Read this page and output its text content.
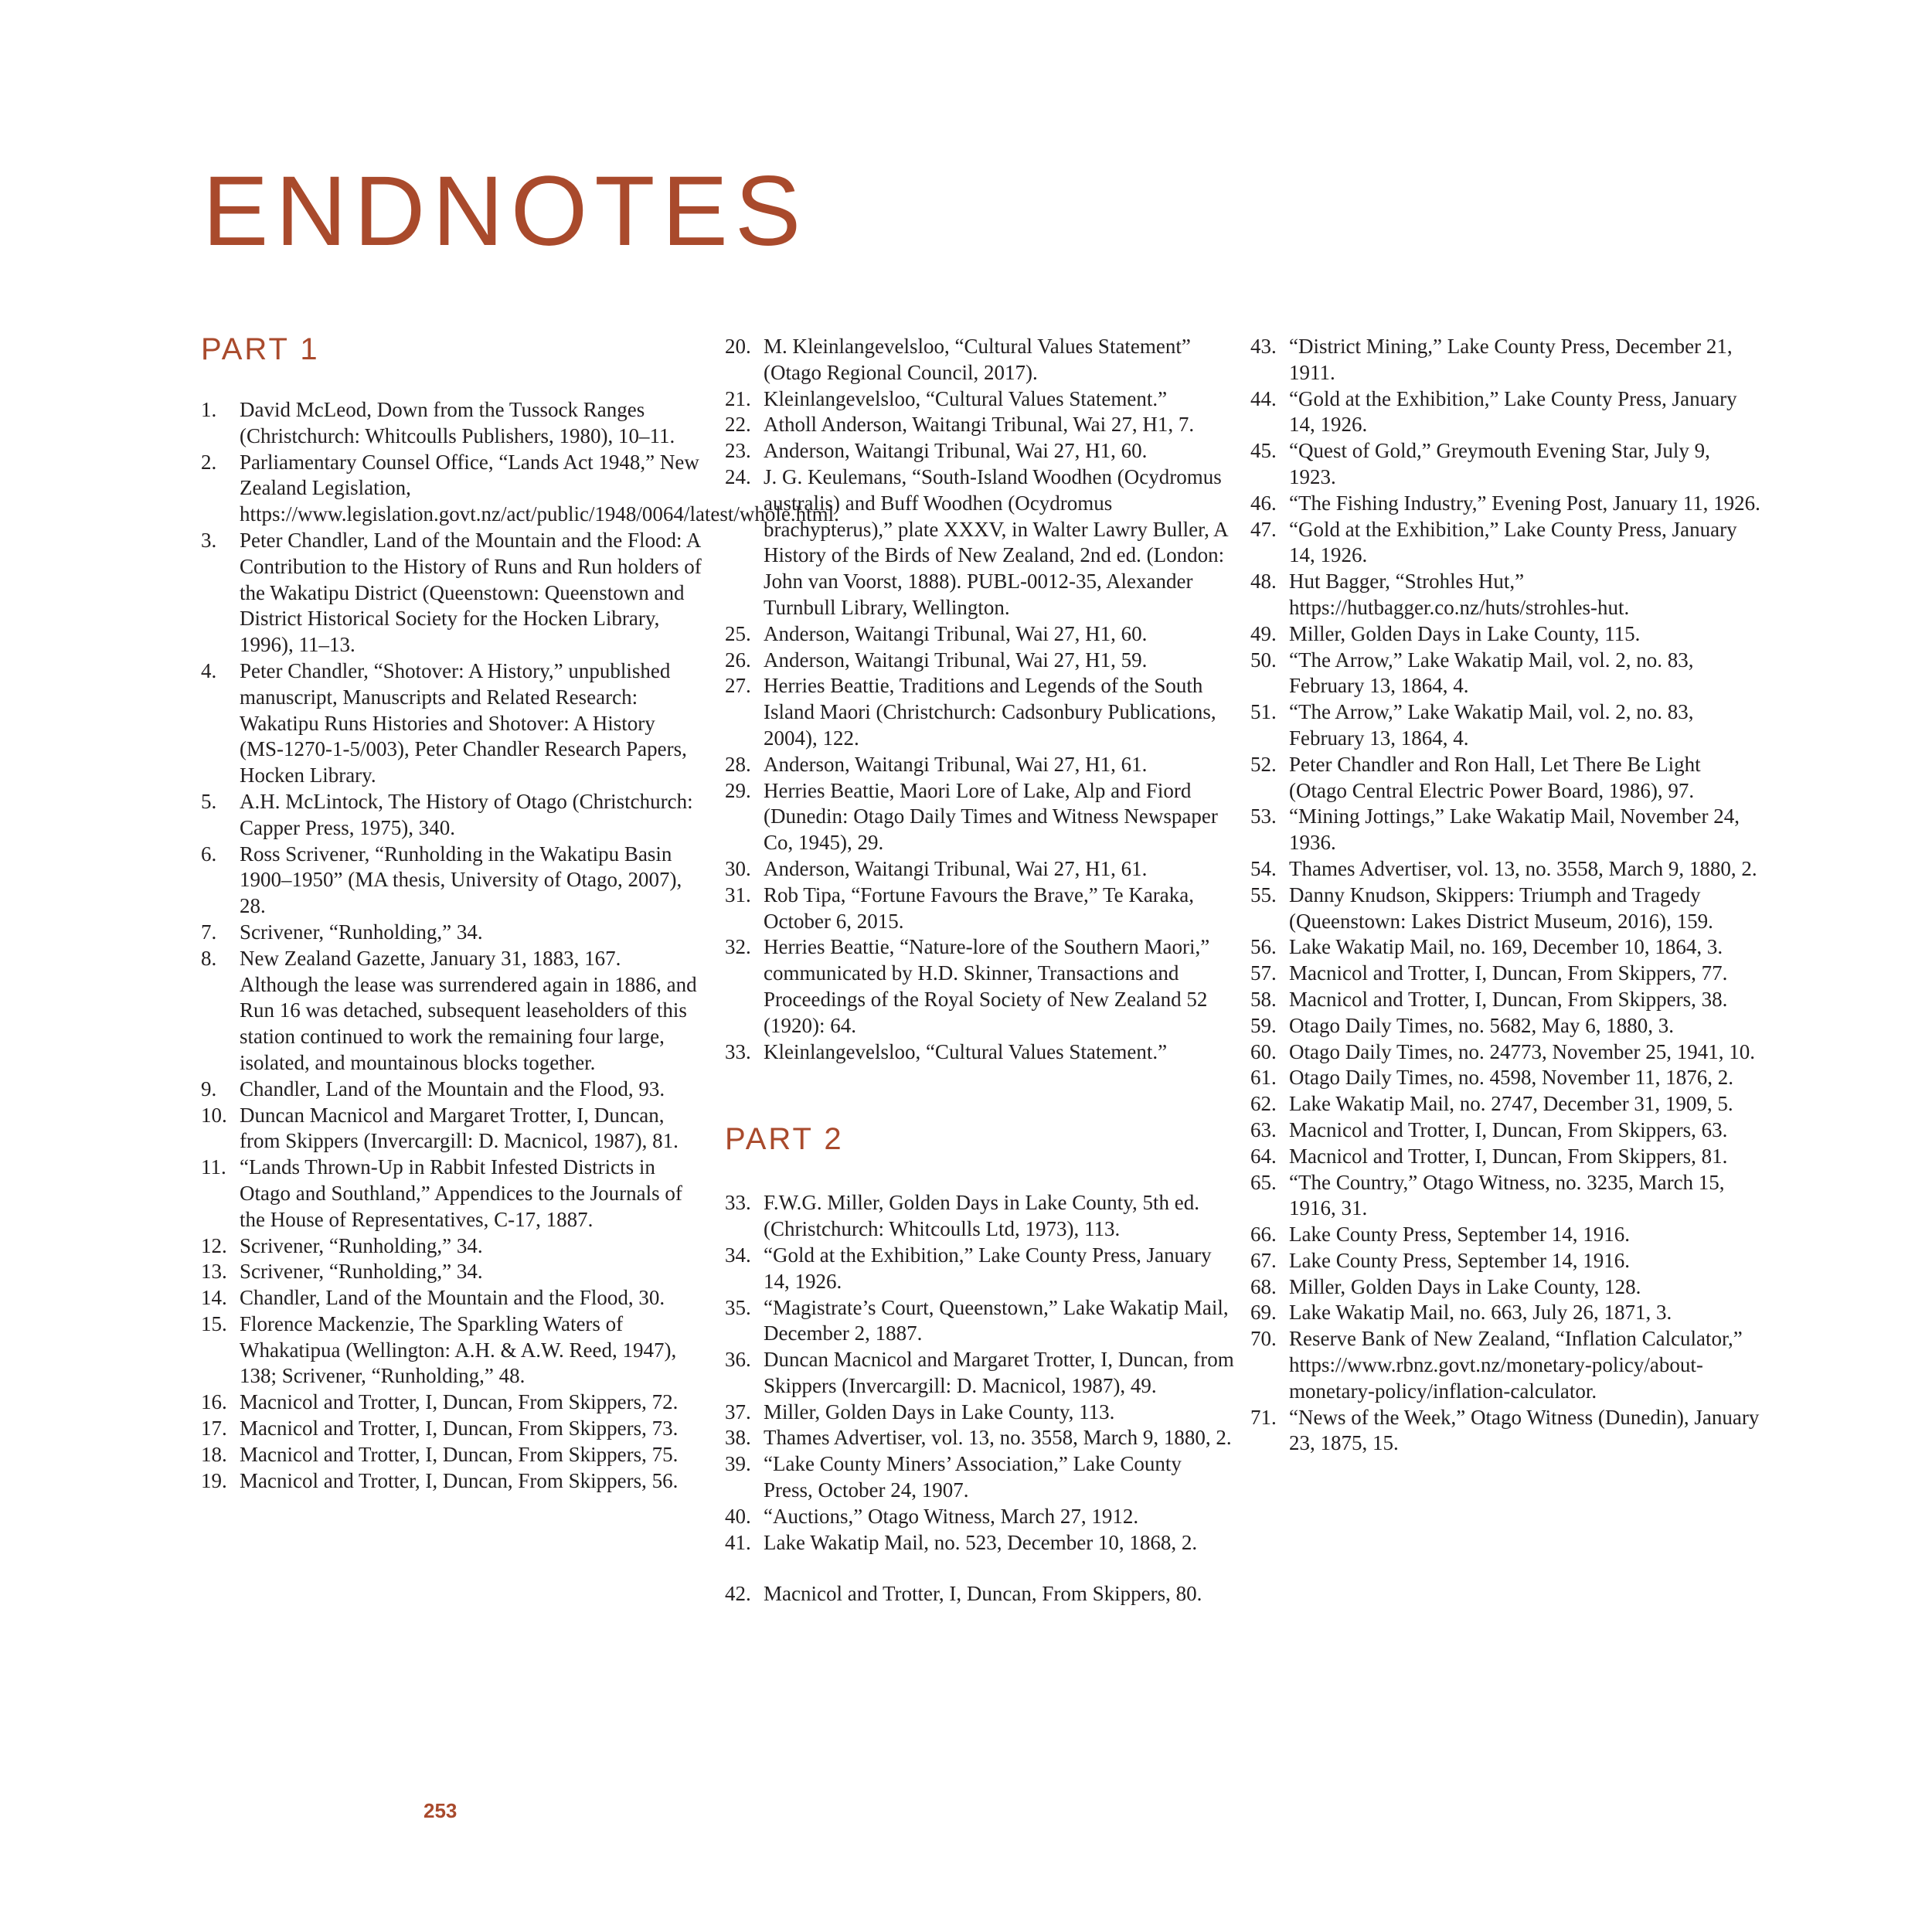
ENDNOTES
PART 1
1. David McLeod, Down from the Tussock Ranges (Christchurch: Whitcoulls Publishers, 1980), 10–11.
2. Parliamentary Counsel Office, “Lands Act 1948,” New Zealand Legislation, https://www.legislation.govt.nz/act/public/1948/0064/latest/whole.html.
3. Peter Chandler, Land of the Mountain and the Flood: A Contribution to the History of Runs and Run holders of the Wakatipu District (Queenstown: Queenstown and District Historical Society for the Hocken Library, 1996), 11–13.
4. Peter Chandler, “Shotover: A History,” unpublished manuscript, Manuscripts and Related Research: Wakatipu Runs Histories and Shotover: A History (MS-1270-1-5/003), Peter Chandler Research Papers, Hocken Library.
5. A.H. McLintock, The History of Otago (Christchurch: Capper Press, 1975), 340.
6. Ross Scrivener, “Runholding in the Wakatipu Basin 1900–1950” (MA thesis, University of Otago, 2007), 28.
7. Scrivener, “Runholding,” 34.
8. New Zealand Gazette, January 31, 1883, 167. Although the lease was surrendered again in 1886, and Run 16 was detached, subsequent leaseholders of this station continued to work the remaining four large, isolated, and mountainous blocks together.
9. Chandler, Land of the Mountain and the Flood, 93.
10. Duncan Macnicol and Margaret Trotter, I, Duncan, from Skippers (Invercargill: D. Macnicol, 1987), 81.
11. “Lands Thrown-Up in Rabbit Infested Districts in Otago and Southland,” Appendices to the Journals of the House of Representatives, C-17, 1887.
12. Scrivener, “Runholding,” 34.
13. Scrivener, “Runholding,” 34.
14. Chandler, Land of the Mountain and the Flood, 30.
15. Florence Mackenzie, The Sparkling Waters of Whakatipua (Wellington: A.H. & A.W. Reed, 1947), 138; Scrivener, “Runholding,” 48.
16. Macnicol and Trotter, I, Duncan, From Skippers, 72.
17. Macnicol and Trotter, I, Duncan, From Skippers, 73.
18. Macnicol and Trotter, I, Duncan, From Skippers, 75.
19. Macnicol and Trotter, I, Duncan, From Skippers, 56.
20. M. Kleinlangevelsloo, “Cultural Values Statement” (Otago Regional Council, 2017).
21. Kleinlangevelsloo, “Cultural Values Statement.”
22. Atholl Anderson, Waitangi Tribunal, Wai 27, H1, 7.
23. Anderson, Waitangi Tribunal, Wai 27, H1, 60.
24. J. G. Keulemans, “South-Island Woodhen (Ocydromus australis) and Buff Woodhen (Ocydromus brachypterus),” plate XXXV, in Walter Lawry Buller, A History of the Birds of New Zealand, 2nd ed. (London: John van Voorst, 1888). PUBL-0012-35, Alexander Turnbull Library, Wellington.
25. Anderson, Waitangi Tribunal, Wai 27, H1, 60.
26. Anderson, Waitangi Tribunal, Wai 27, H1, 59.
27. Herries Beattie, Traditions and Legends of the South Island Maori (Christchurch: Cadsonbury Publications, 2004), 122.
28. Anderson, Waitangi Tribunal, Wai 27, H1, 61.
29. Herries Beattie, Maori Lore of Lake, Alp and Fiord (Dunedin: Otago Daily Times and Witness Newspaper Co, 1945), 29.
30. Anderson, Waitangi Tribunal, Wai 27, H1, 61.
31. Rob Tipa, “Fortune Favours the Brave,” Te Karaka, October 6, 2015.
32. Herries Beattie, “Nature-lore of the Southern Maori,” communicated by H.D. Skinner, Transactions and Proceedings of the Royal Society of New Zealand 52 (1920): 64.
33. Kleinlangevelsloo, “Cultural Values Statement.”
PART 2
33. F.W.G. Miller, Golden Days in Lake County, 5th ed. (Christchurch: Whitcoulls Ltd, 1973), 113.
34. “Gold at the Exhibition,” Lake County Press, January 14, 1926.
35. “Magistrate’s Court, Queenstown,” Lake Wakatip Mail, December 2, 1887.
36. Duncan Macnicol and Margaret Trotter, I, Duncan, from Skippers (Invercargill: D. Macnicol, 1987), 49.
37. Miller, Golden Days in Lake County, 113.
38. Thames Advertiser, vol. 13, no. 3558, March 9, 1880, 2.
39. “Lake County Miners’ Association,” Lake County Press, October 24, 1907.
40. “Auctions,” Otago Witness, March 27, 1912.
41. Lake Wakatip Mail, no. 523, December 10, 1868, 2.
42. Macnicol and Trotter, I, Duncan, From Skippers, 80.
43. “District Mining,” Lake County Press, December 21, 1911.
44. “Gold at the Exhibition,” Lake County Press, January 14, 1926.
45. “Quest of Gold,” Greymouth Evening Star, July 9, 1923.
46. “The Fishing Industry,” Evening Post, January 11, 1926.
47. “Gold at the Exhibition,” Lake County Press, January 14, 1926.
48. Hut Bagger, “Strohles Hut,” https://hutbagger.co.nz/huts/strohles-hut.
49. Miller, Golden Days in Lake County, 115.
50. “The Arrow,” Lake Wakatip Mail, vol. 2, no. 83, February 13, 1864, 4.
51. “The Arrow,” Lake Wakatip Mail, vol. 2, no. 83, February 13, 1864, 4.
52. Peter Chandler and Ron Hall, Let There Be Light (Otago Central Electric Power Board, 1986), 97.
53. “Mining Jottings,” Lake Wakatip Mail, November 24, 1936.
54. Thames Advertiser, vol. 13, no. 3558, March 9, 1880, 2.
55. Danny Knudson, Skippers: Triumph and Tragedy (Queenstown: Lakes District Museum, 2016), 159.
56. Lake Wakatip Mail, no. 169, December 10, 1864, 3.
57. Macnicol and Trotter, I, Duncan, From Skippers, 77.
58. Macnicol and Trotter, I, Duncan, From Skippers, 38.
59. Otago Daily Times, no. 5682, May 6, 1880, 3.
60. Otago Daily Times, no. 24773, November 25, 1941, 10.
61. Otago Daily Times, no. 4598, November 11, 1876, 2.
62. Lake Wakatip Mail, no. 2747, December 31, 1909, 5.
63. Macnicol and Trotter, I, Duncan, From Skippers, 63.
64. Macnicol and Trotter, I, Duncan, From Skippers, 81.
65. “The Country,” Otago Witness, no. 3235, March 15, 1916, 31.
66. Lake County Press, September 14, 1916.
67. Lake County Press, September 14, 1916.
68. Miller, Golden Days in Lake County, 128.
69. Lake Wakatip Mail, no. 663, July 26, 1871, 3.
70. Reserve Bank of New Zealand, “Inflation Calculator,” https://www.rbnz.govt.nz/monetary-policy/about-monetary-policy/inflation-calculator.
71. “News of the Week,” Otago Witness (Dunedin), January 23, 1875, 15.
253
